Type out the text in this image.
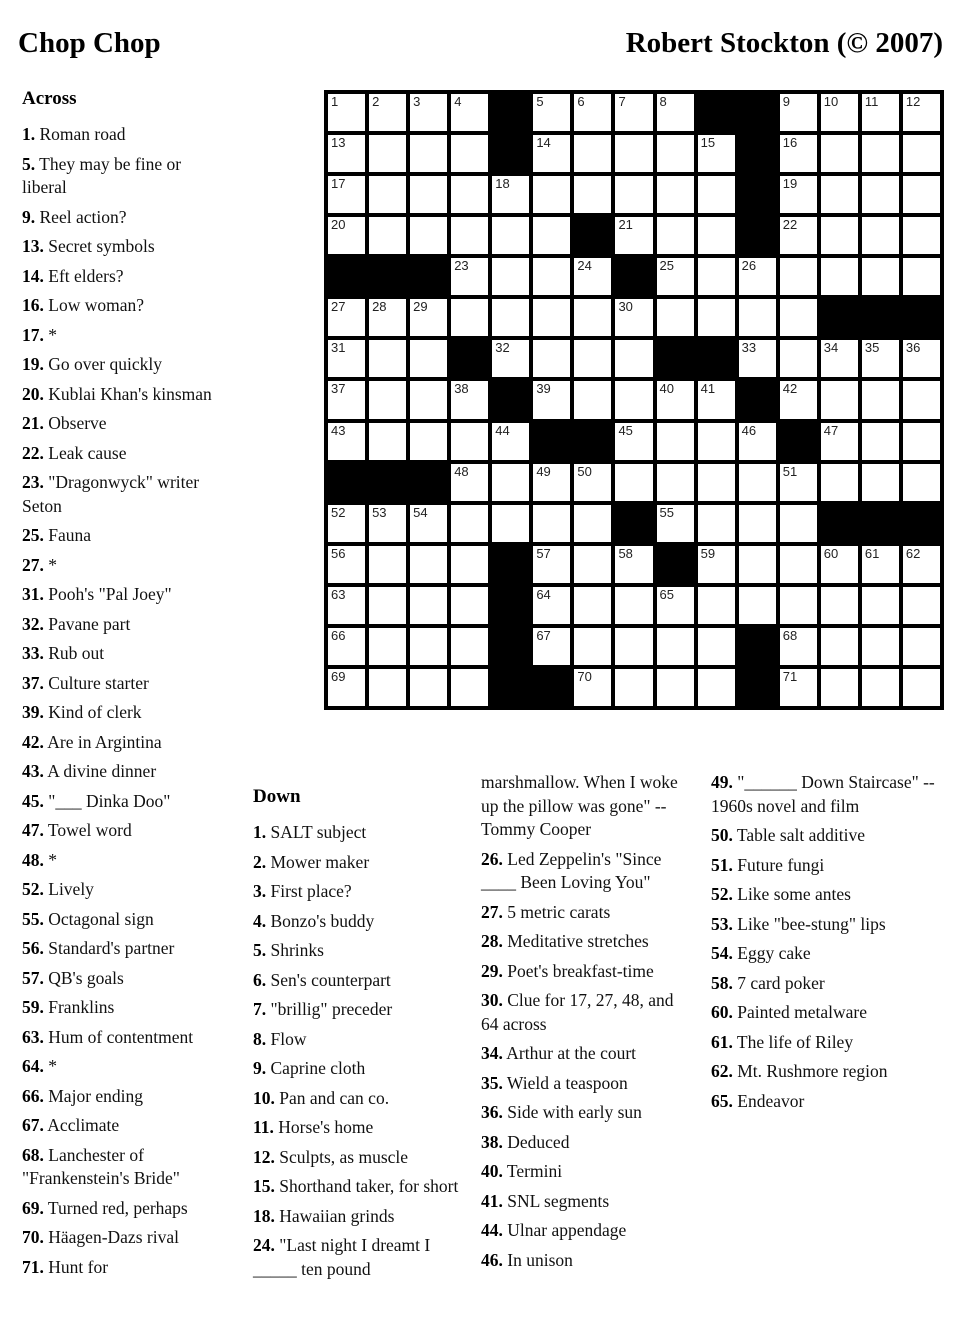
Chop Chop	Robert Stockton (© 2007)
1	2	3	4	5	6	7	8	9	10 11 12
13	14	15	16
17	18	19
20	21	22
23	24	25	26
27 28 29	30
31	32	33	34 35 36
37	38	39	40 41	42
43	44	45	46	47
48	49 50	51
52 53 54	55
56	57	58	59	60 61 62
63	64	65
66	67	68
69	70	71
Across

1. Roman road

5. They may be fine or liberal

9. Reel action?

13. Secret symbols

14. Eft elders?

16. Low woman?

17. *

19. Go over quickly

20. Kublai Khan's kinsman

21. Observe

22. Leak cause

23. "Dragonwyck" writer Seton

25. Fauna

27. *

31. Pooh's "Pal Joey"

32. Pavane part

33. Rub out

37. Culture starter

39. Kind of clerk

42. Are in Argintina

43. A divine dinner

45. "___ Dinka Doo"

47. Towel word

48. *

52. Lively

55. Octagonal sign

56. Standard's partner

57. QB's goals

59. Franklins

63. Hum of contentment

64. *

66. Major ending

67. Acclimate

68. Lanchester of "Frankenstein's Bride"

69. Turned red, perhaps

70. Häagen-Dazs rival

71. Hunt for

Down

1. SALT subject

2. Mower maker

3. First place?

4. Bonzo's buddy

5. Shrinks

6. Sen's counterpart

7. "brillig" preceder

8. Flow

9. Caprine cloth

10. Pan and can co.

11. Horse's home

12. Sculpts, as muscle

15. Shorthand taker, for short

18. Hawaiian grinds

24. "Last night I dreamt I _____ ten pound

marshmallow. When I woke up the pillow was gone" -- Tommy Cooper

26. Led Zeppelin's "Since ____ Been Loving You"

27. 5 metric carats

28. Meditative stretches

29. Poet's breakfast-time

30. Clue for 17, 27, 48, and 64 across

34. Arthur at the court

35. Wield a teaspoon

36. Side with early sun

38. Deduced

40. Termini

41. SNL segments

44. Ulnar appendage

46. In unison

49. "______ Down Staircase" -- 1960s novel and film

50. Table salt additive

51. Future fungi

52. Like some antes

53. Like "bee-stung" lips

54. Eggy cake

58. 7 card poker

60. Painted metalware

61. The life of Riley

62. Mt. Rushmore region

65. Endeavor
